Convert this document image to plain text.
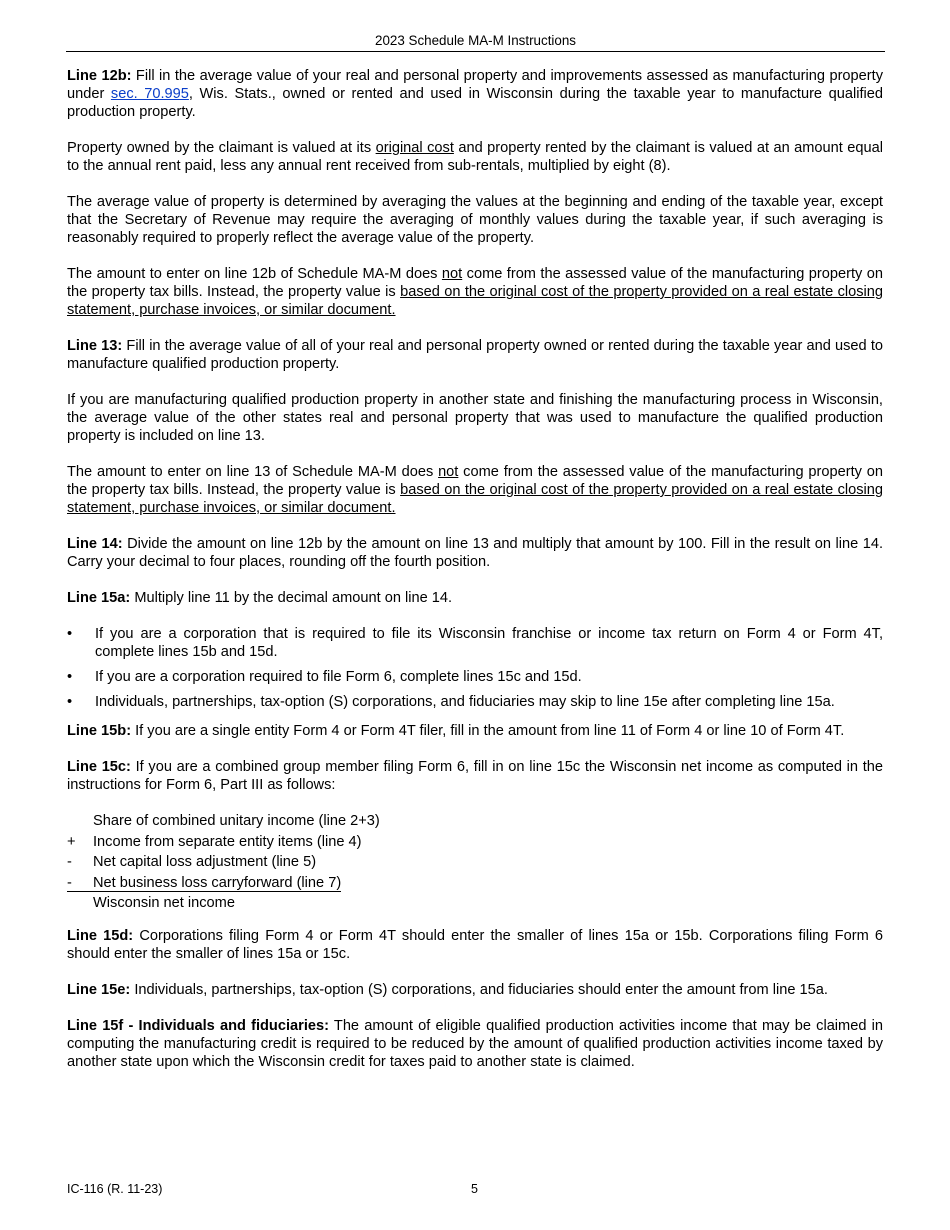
2023 Schedule MA-M Instructions

Line 12b: Fill in the average value of your real and personal property and improvements assessed as manufacturing property under sec. 70.995, Wis. Stats., owned or rented and used in Wisconsin during the taxable year to manufacture qualified production property.

Property owned by the claimant is valued at its original cost and property rented by the claimant is valued at an amount equal to the annual rent paid, less any annual rent received from sub-rentals, multiplied by eight (8).

The average value of property is determined by averaging the values at the beginning and ending of the taxable year, except that the Secretary of Revenue may require the averaging of monthly values during the taxable year, if such averaging is reasonably required to properly reflect the average value of the property.

The amount to enter on line 12b of Schedule MA-M does not come from the assessed value of the manufacturing property on the property tax bills. Instead, the property value is based on the original cost of the property provided on a real estate closing statement, purchase invoices, or similar document.

Line 13: Fill in the average value of all of your real and personal property owned or rented during the taxable year and used to manufacture qualified production property.

If you are manufacturing qualified production property in another state and finishing the manufacturing process in Wisconsin, the average value of the other states real and personal property that was used to manufacture the qualified production property is included on line 13.

The amount to enter on line 13 of Schedule MA-M does not come from the assessed value of the manufacturing property on the property tax bills. Instead, the property value is based on the original cost of the property provided on a real estate closing statement, purchase invoices, or similar document.

Line 14: Divide the amount on line 12b by the amount on line 13 and multiply that amount by 100. Fill in the result on line 14. Carry your decimal to four places, rounding off the fourth position.

Line 15a: Multiply line 11 by the decimal amount on line 14.

• If you are a corporation that is required to file its Wisconsin franchise or income tax return on Form 4 or Form 4T, complete lines 15b and 15d.
• If you are a corporation required to file Form 6, complete lines 15c and 15d.
• Individuals, partnerships, tax-option (S) corporations, and fiduciaries may skip to line 15e after completing line 15a.

Line 15b: If you are a single entity Form 4 or Form 4T filer, fill in the amount from line 11 of Form 4 or line 10 of Form 4T.

Line 15c: If you are a combined group member filing Form 6, fill in on line 15c the Wisconsin net income as computed in the instructions for Form 6, Part III as follows:

Share of combined unitary income (line 2+3)
+ Income from separate entity items (line 4)
- Net capital loss adjustment (line 5)
- Net business loss carryforward (line 7)
Wisconsin net income

Line 15d: Corporations filing Form 4 or Form 4T should enter the smaller of lines 15a or 15b. Corporations filing Form 6 should enter the smaller of lines 15a or 15c.

Line 15e: Individuals, partnerships, tax-option (S) corporations, and fiduciaries should enter the amount from line 15a.

Line 15f - Individuals and fiduciaries: The amount of eligible qualified production activities income that may be claimed in computing the manufacturing credit is required to be reduced by the amount of qualified production activities income taxed by another state upon which the Wisconsin credit for taxes paid to another state is claimed.

IC-116 (R. 11-23)	5
